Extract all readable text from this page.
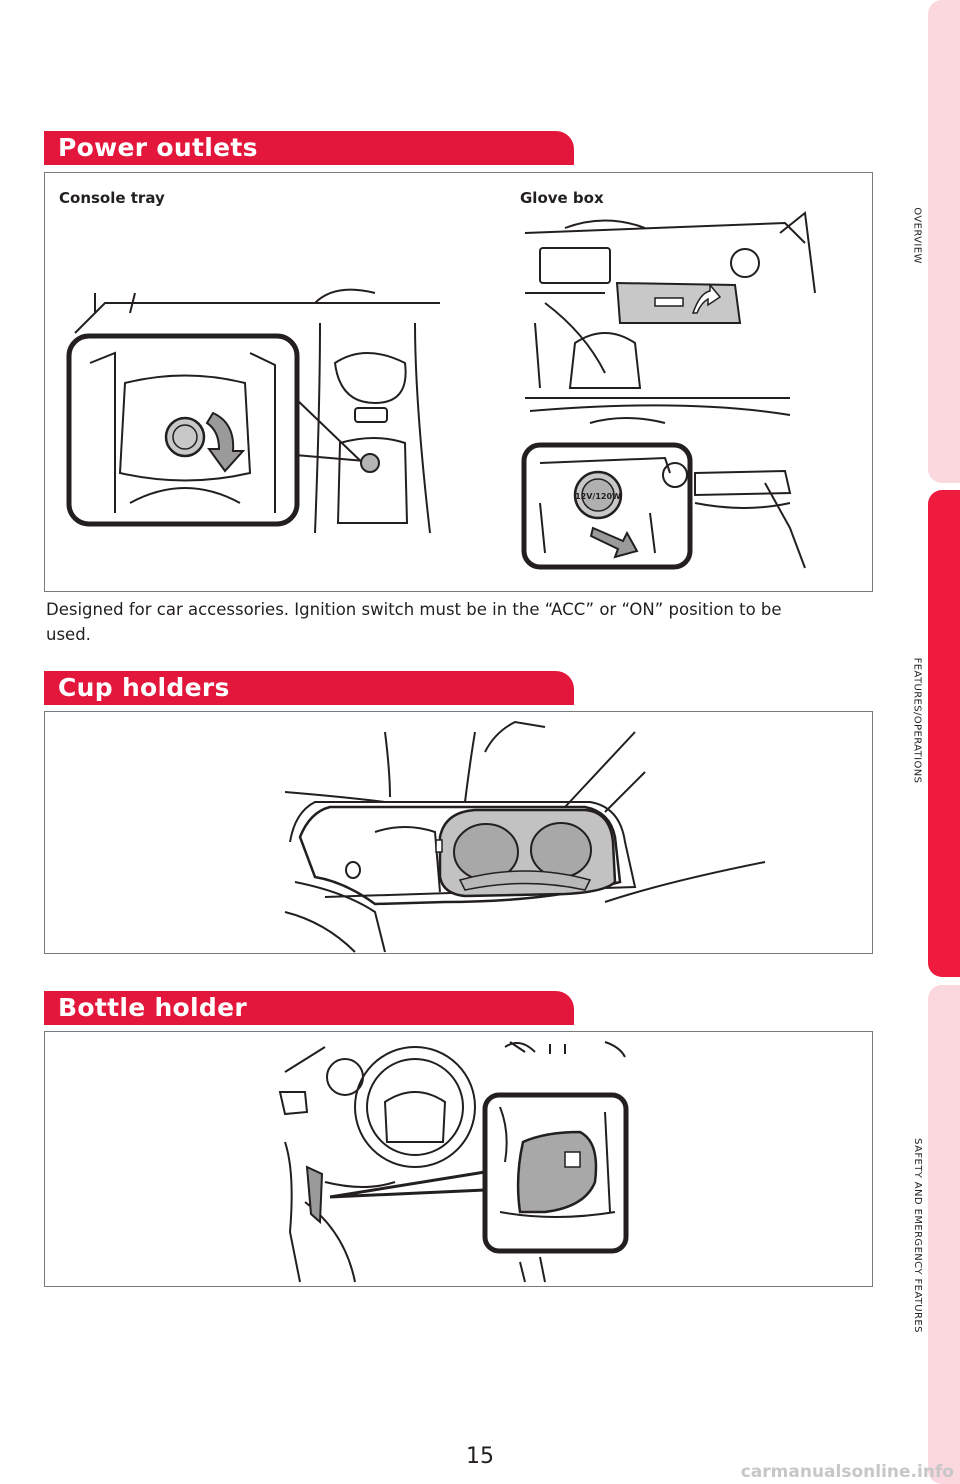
Power outlets
Console tray	Glove box
12V/120W
Designed for car accessories. Ignition switch must be in the “ACC” or “ON” position to be used.
Cup holders
Bottle holder
OVERVIEW
FEATURES/OPERATIONS
SAFETY AND EMERGENCY FEATURES
15
carmanualsonline.info
